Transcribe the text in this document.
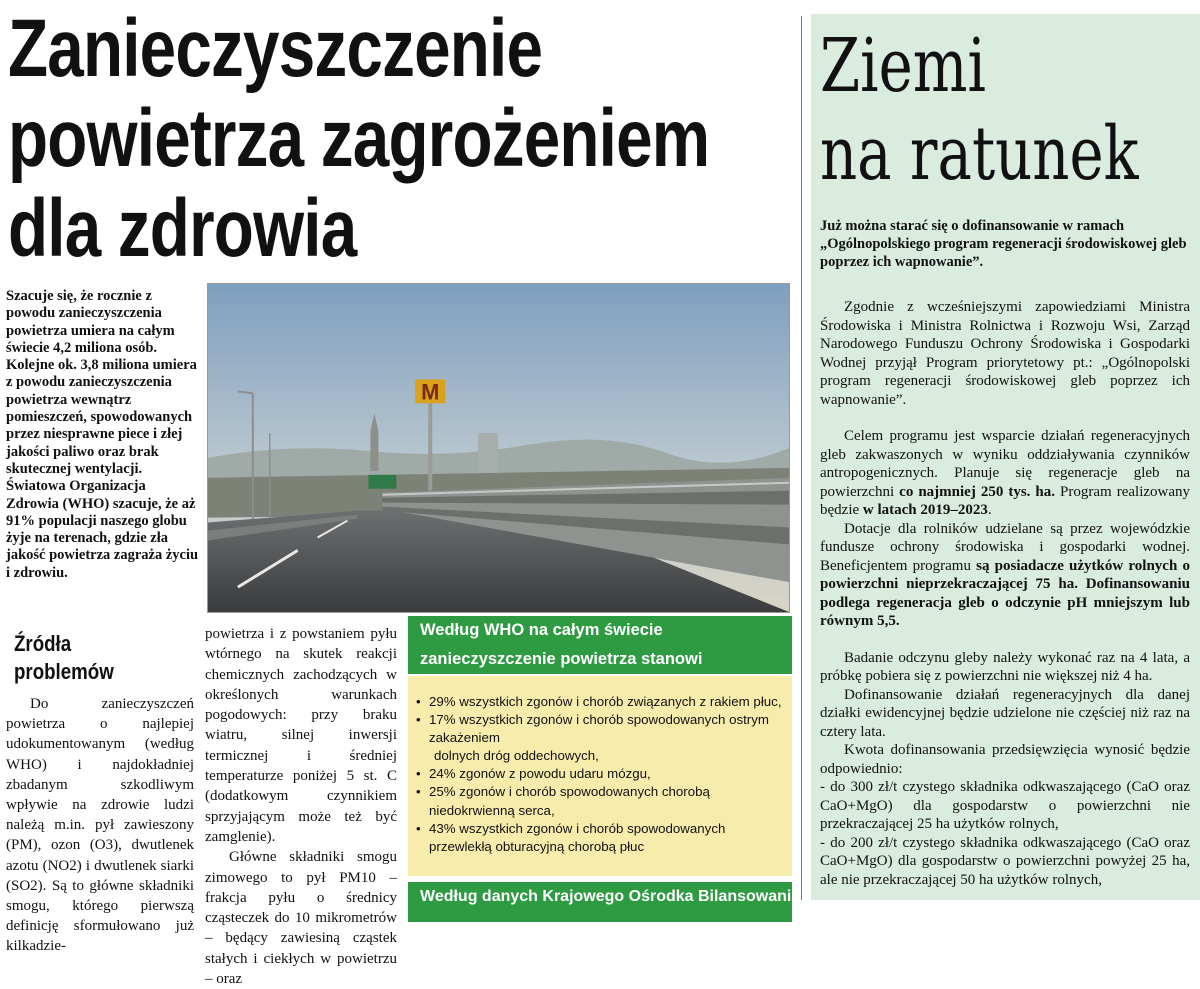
Zanieczyszczenie
powietrza zagrożeniem
dla zdrowia

Szacuje się, że rocznie z powodu zanieczyszczenia powietrza umiera na całym świecie 4,2 miliona osób. Kolejne ok. 3,8 miliona umiera z powodu zanieczyszczenia powietrza wewnątrz pomieszczeń, spowodowanych przez niesprawne piece i złej jakości paliwo oraz brak skutecznej wentylacji. Światowa Organizacja Zdrowia (WHO) szacuje, że aż 91% populacji naszego globu żyje na terenach, gdzie zła jakość powietrza zagraża życiu i zdrowiu.

M
Źródła
problemów

Do zanieczyszczeń powietrza o najlepiej udokumentowanym (według WHO) i najdokładniej zbadanym szkodliwym wpływie na zdrowie ludzi należą m.in. pył zawieszony (PM), ozon (O3), dwutlenek azotu (NO2) i dwutlenek siarki (SO2). Są to główne składniki smogu, którego pierwszą definicję sformułowano już kilkadzie-

powietrza i z powstaniem pyłu wtórnego na skutek reakcji chemicznych zachodzących w określonych warunkach pogodowych: przy braku wiatru, silnej inwersji termicznej i średniej temperaturze poniżej 5 st. C (dodatkowym czynnikiem sprzyjającym może też być zamglenie).

Główne składniki smogu zimowego to pył PM10 – frakcja pyłu o średnicy cząsteczek do 10 mikrometrów – będący zawiesiną cząstek stałych i ciekłych w powietrzu – oraz

Według WHO na całym świecie
zanieczyszczenie powietrza stanowi
• 29% wszystkich zgonów i chorób związanych z rakiem płuc,
• 17% wszystkich zgonów i chorób spowodowanych ostrym zakażeniem
dolnych dróg oddechowych,
• 24% zgonów z powodu udaru mózgu,
• 25% zgonów i chorób spowodowanych chorobą niedokrwienną serca,
• 43% wszystkich zgonów i chorób spowodowanych przewlekłą obturacyjną chorobą płuc
Według danych Krajowego Ośrodka Bilansowania
Ziemi
na ratunek

Już można starać się o dofinansowanie w ramach „Ogólnopolskiego program regeneracji środowiskowej gleb poprzez ich wapnowanie”.

Zgodnie z wcześniejszymi zapowiedziami Ministra Środowiska i Ministra Rolnictwa i Rozwoju Wsi, Zarząd Narodowego Funduszu Ochrony Środowiska i Gospodarki Wodnej przyjął Program priorytetowy pt.: „Ogólnopolski program regeneracji środowiskowej gleb poprzez ich wapnowanie”.

Celem programu jest wsparcie działań regeneracyjnych gleb zakwaszonych w wyniku oddziaływania czynników antropogenicznych. Planuje się regeneracje gleb na powierzchni co najmniej 250 tys. ha. Program realizowany będzie w latach 2019–2023.

Dotacje dla rolników udzielane są przez wojewódzkie fundusze ochrony środowiska i gospodarki wodnej. Beneficjentem programu są posiadacze użytków rolnych o powierzchni nieprzekraczającej 75 ha. Dofinansowaniu podlega regeneracja gleb o odczynie pH mniejszym lub równym 5,5.

Badanie odczynu gleby należy wykonać raz na 4 lata, a próbkę pobiera się z powierzchni nie większej niż 4 ha.

Dofinansowanie działań regeneracyjnych dla danej działki ewidencyjnej będzie udzielone nie częściej niż raz na cztery lata.

Kwota dofinansowania przedsięwzięcia wynosić będzie odpowiednio:

- do 300 zł/t czystego składnika odkwaszającego (CaO oraz CaO+MgO) dla gospodarstw o powierzchni nie przekraczającej 25 ha użytków rolnych,

- do 200 zł/t czystego składnika odkwaszającego (CaO oraz CaO+MgO) dla gospodarstw o powierzchni powyżej 25 ha, ale nie przekraczającej 50 ha użytków rolnych,
